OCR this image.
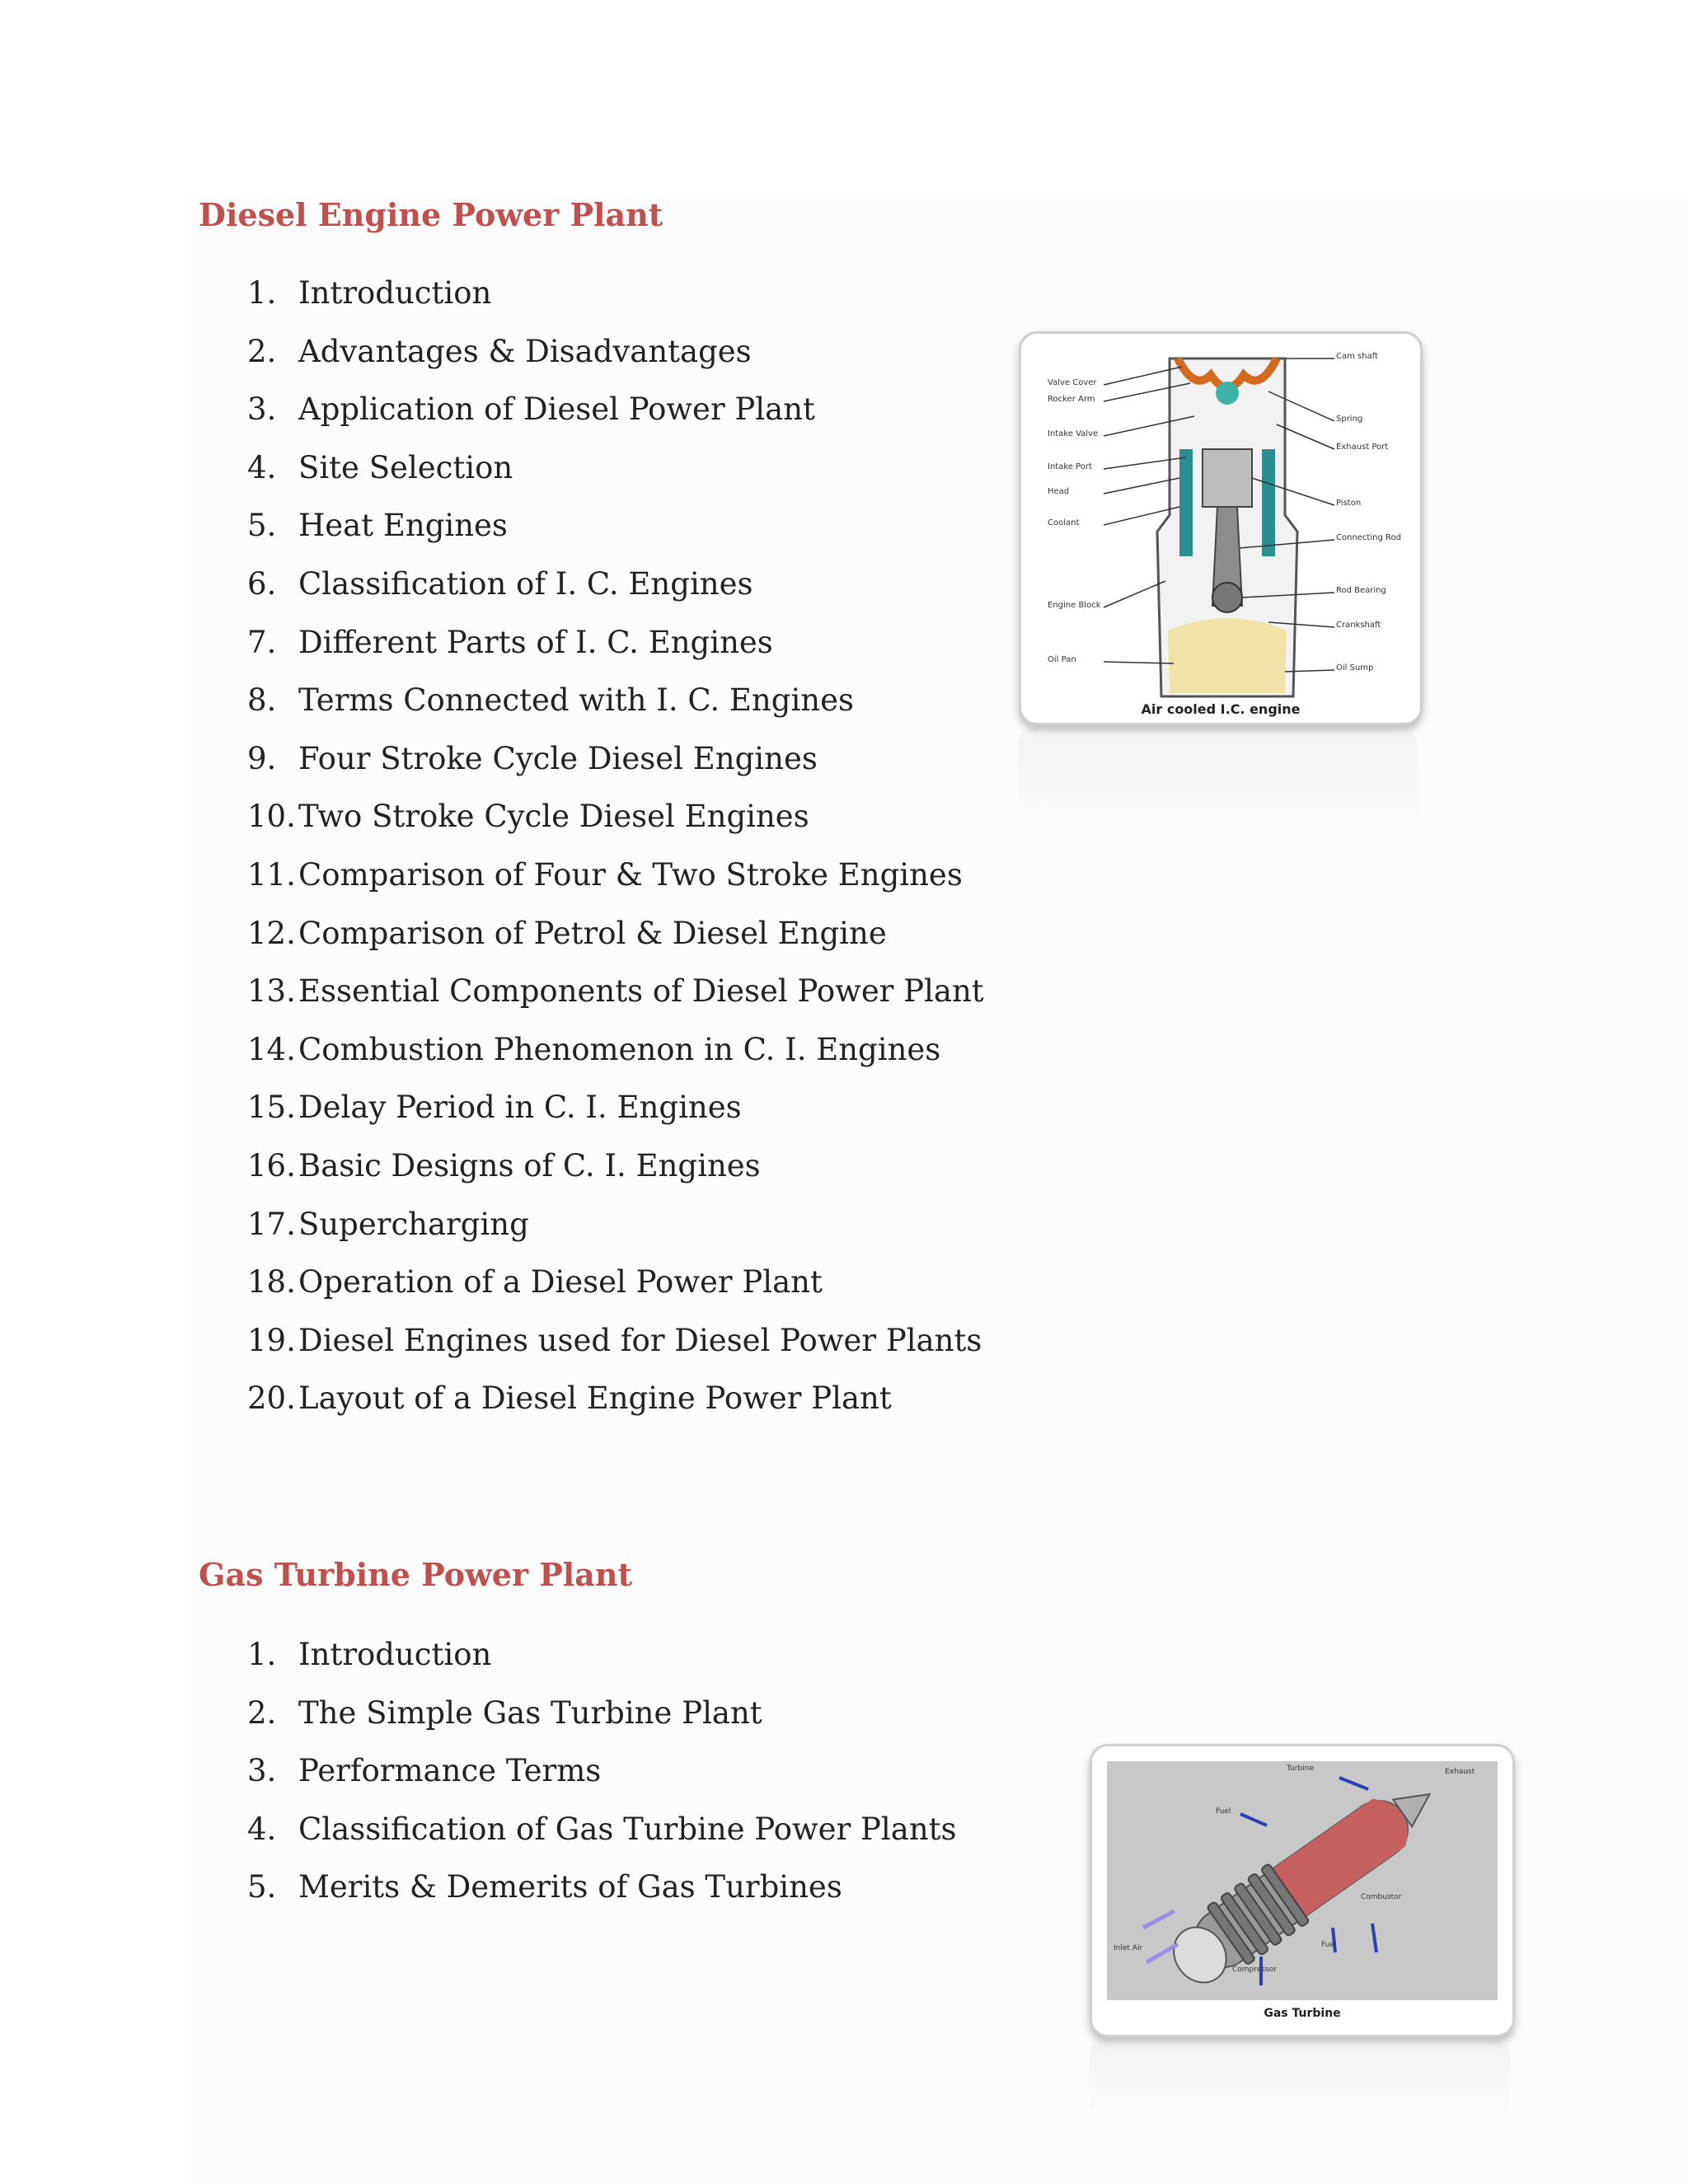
Diesel Engine Power Plant
1. Introduction
2. Advantages & Disadvantages
3. Application of Diesel Power Plant
4. Site Selection
5. Heat Engines
6. Classification of I. C. Engines
7. Different Parts of I. C. Engines
8. Terms Connected with I. C. Engines
9. Four Stroke Cycle Diesel Engines
10. Two Stroke Cycle Diesel Engines
11. Comparison of Four & Two Stroke Engines
12. Comparison of Petrol & Diesel Engine
13. Essential Components of Diesel Power Plant
14. Combustion Phenomenon in C. I. Engines
15. Delay Period in C. I. Engines
16. Basic Designs of C. I. Engines
17. Supercharging
18. Operation of a Diesel Power Plant
19. Diesel Engines used for Diesel Power Plants
20. Layout of a Diesel Engine Power Plant
Valve Cover
Rocker Arm
Intake Valve
Intake Port
Head
Coolant
Engine Block
Oil Pan
Cam shaft
Spring
Exhaust Port
Piston
Connecting Rod
Rod Bearing
Crankshaft
Oil Sump
Air cooled I.C. engine
Gas Turbine Power Plant
1. Introduction
2. The Simple Gas Turbine Plant
3. Performance Terms
4. Classification of Gas Turbine Power Plants
5. Merits & Demerits of Gas Turbines
Turbine	Exhaust
Fuel
Combustor
Fuel
Compressor
Inlet Air
Gas Turbine
